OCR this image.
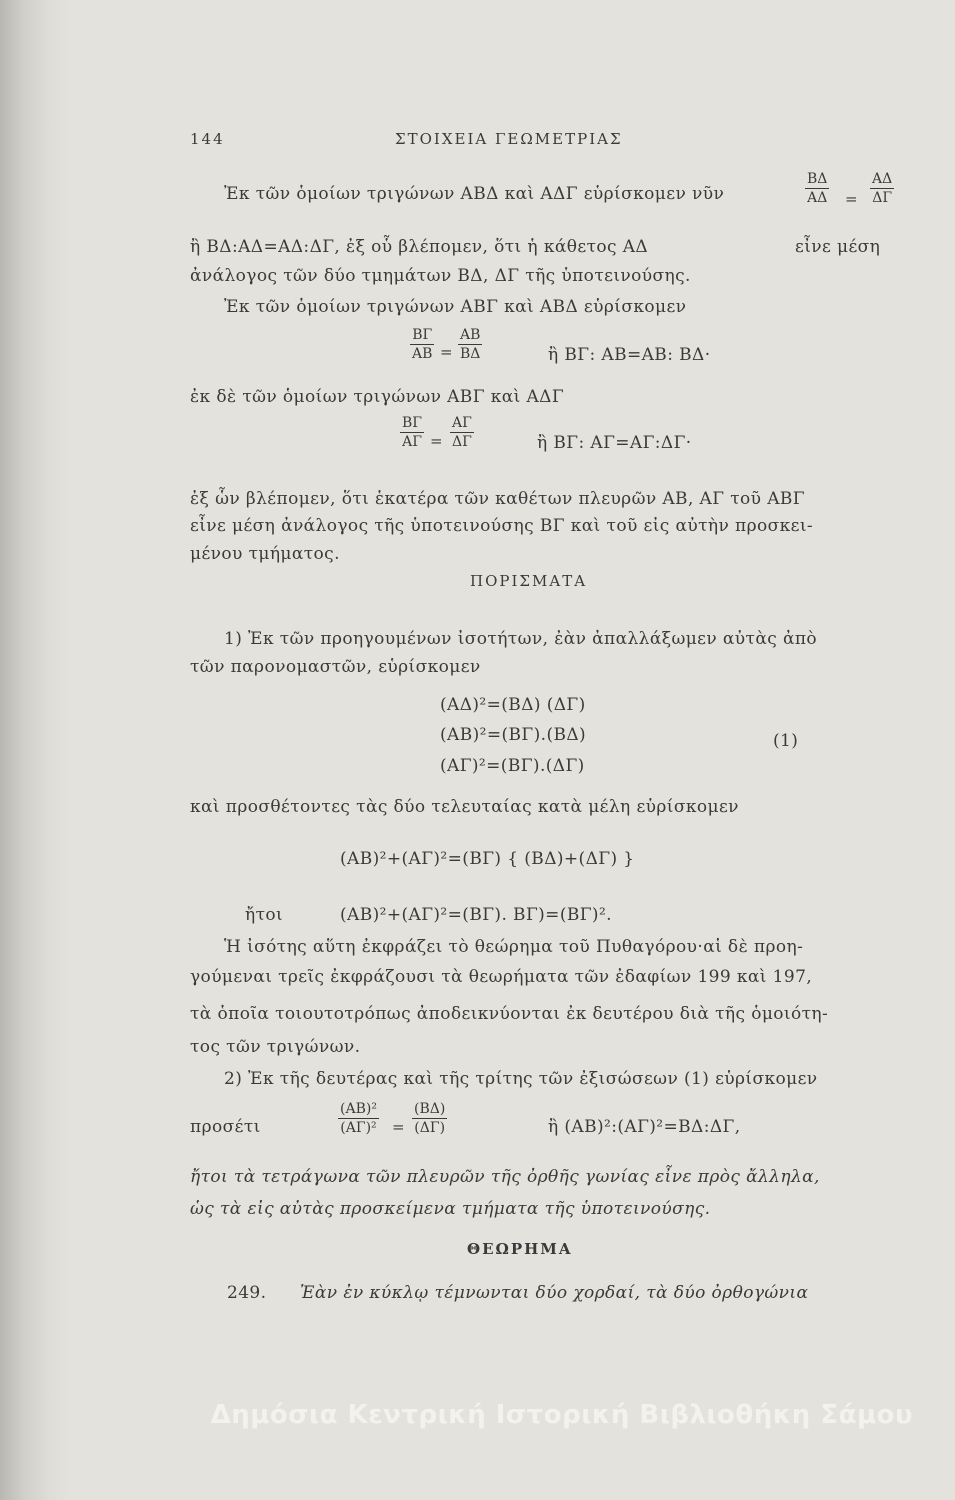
144	ΣΤΟΙΧΕΙΑ ΓΕΩΜΕΤΡΙΑΣ
Ἐκ τῶν ὁμοίων τριγώνων ΑΒΔ καὶ ΑΔΓ εὑρίσκομεν νῦν	$\frac{B\Delta}{A\Delta} = \frac{A\Delta}{\Delta\Gamma}$
ἢ ΒΔ:ΑΔ=ΑΔ:ΔΓ, ἐξ οὗ βλέπομεν, ὅτι ἡ κάθετος ΑΔ	εἶνε μέση
ἀνάλογος τῶν δύο τμημάτων ΒΔ, ΔΓ τῆς ὑποτεινούσης.
Ἐκ τῶν ὁμοίων τριγώνων ΑΒΓ καὶ ΑΒΔ εὑρίσκομεν
$\frac{B\Gamma}{AB} = \frac{AB}{B\Delta}$	ἢ ΒΓ: ΑΒ=ΑΒ: ΒΔ·
ἐκ δὲ τῶν ὁμοίων τριγώνων ΑΒΓ καὶ ΑΔΓ
$\frac{B\Gamma}{A\Gamma} = \frac{A\Gamma}{\Delta\Gamma}$	ἢ ΒΓ: ΑΓ=ΑΓ:ΔΓ·
ἐξ ὧν βλέπομεν, ὅτι ἑκατέρα τῶν καθέτων πλευρῶν ΑΒ, ΑΓ τοῦ ΑΒΓ
εἶνε μέση ἀνάλογος τῆς ὑποτεινούσης ΒΓ καὶ τοῦ εἰς αὐτὴν προσκει-
μένου τμήματος.
ΠΟΡΙΣΜΑΤΑ
1) Ἐκ τῶν προηγουμένων ἰσοτήτων, ἐὰν ἀπαλλάξωμεν αὐτὰς ἀπὸ
τῶν παρονομαστῶν, εὑρίσκομεν
(ΑΔ)²=(ΒΔ) (ΔΓ)
(ΑΒ)²=(ΒΓ).(ΒΔ)	(1)
(ΑΓ)²=(ΒΓ).(ΔΓ)
καὶ προσθέτοντες τὰς δύο τελευταίας κατὰ μέλη εὑρίσκομεν
(ΑΒ)²+(ΑΓ)²=(ΒΓ) { (ΒΔ)+(ΔΓ) }
ἤτοι	(ΑΒ)²+(ΑΓ)²=(ΒΓ). ΒΓ)=(ΒΓ)².
Ἡ ἰσότης αὕτη ἐκφράζει τὸ θεώρημα τοῦ Πυθαγόρου·αἱ δὲ προη-
γούμεναι τρεῖς ἐκφράζουσι τὰ θεωρήματα τῶν ἐδαφίων 199 καὶ 197,
τὰ ὁποῖα τοιουτοτρόπως ἀποδεικνύονται ἐκ δευτέρου διὰ τῆς ὁμοιότη-
τος τῶν τριγώνων.
2) Ἐκ τῆς δευτέρας καὶ τῆς τρίτης τῶν ἐξισώσεων (1) εὑρίσκομεν
προσέτι	$\frac{\text{(ΑΒ)²}}{\text{(ΑΓ)²}} = \frac{(B\Delta)}{(\Delta\Gamma)}$	ἢ (ΑΒ)²:(ΑΓ)²=ΒΔ:ΔΓ,
ἤτοι τὰ τετράγωνα τῶν πλευρῶν τῆς ὀρθῆς γωνίας εἶνε πρὸς ἄλληλα,
ὡς τὰ εἰς αὐτὰς προσκείμενα τμήματα τῆς ὑποτεινούσης.
ΘΕΩΡΗΜΑ
249. Ἐὰν ἐν κύκλῳ τέμνωνται δύο χορδαί, τὰ δύο ὀρθογώνια
Δημόσια Κεντρική Ιστορική Βιβλιοθήκη Σάμου
